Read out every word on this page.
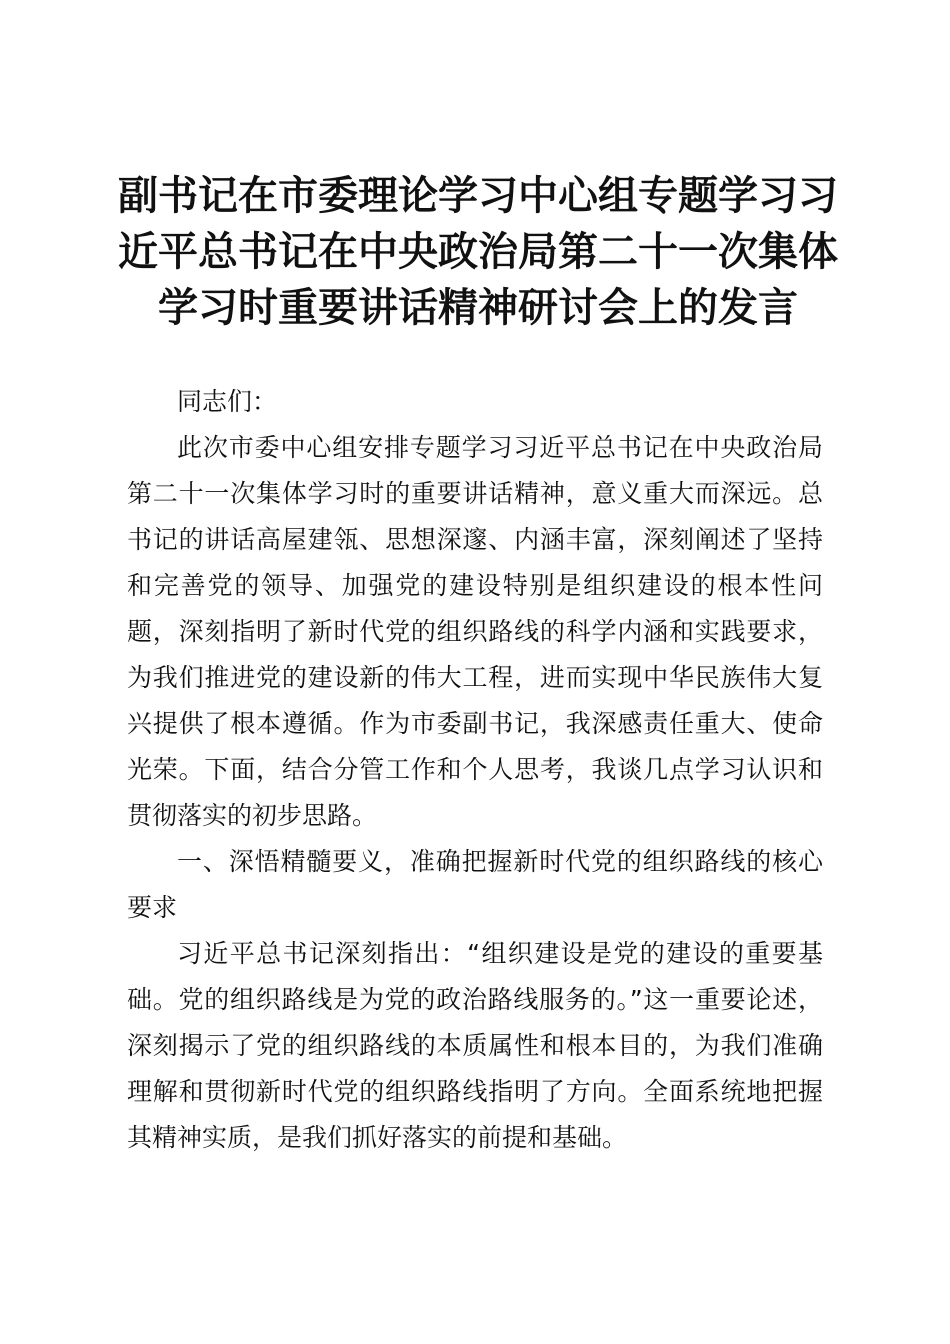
副书记在市委理论学习中心组专题学习习近平总书记在中央政治局第二十一次集体学习时重要讲话精神研讨会上的发言

同志们：

此次市委中心组安排专题学习习近平总书记在中央政治局第二十一次集体学习时的重要讲话精神，意义重大而深远。总书记的讲话高屋建瓴、思想深邃、内涵丰富，深刻阐述了坚持和完善党的领导、加强党的建设特别是组织建设的根本性问题，深刻指明了新时代党的组织路线的科学内涵和实践要求，为我们推进党的建设新的伟大工程，进而实现中华民族伟大复兴提供了根本遵循。作为市委副书记，我深感责任重大、使命光荣。下面，结合分管工作和个人思考，我谈几点学习认识和贯彻落实的初步思路。

一、深悟精髓要义，准确把握新时代党的组织路线的核心要求

习近平总书记深刻指出：“组织建设是党的建设的重要基础。党的组织路线是为党的政治路线服务的。”这一重要论述，深刻揭示了党的组织路线的本质属性和根本目的，为我们准确理解和贯彻新时代党的组织路线指明了方向。全面系统地把握其精神实质，是我们抓好落实的前提和基础。
